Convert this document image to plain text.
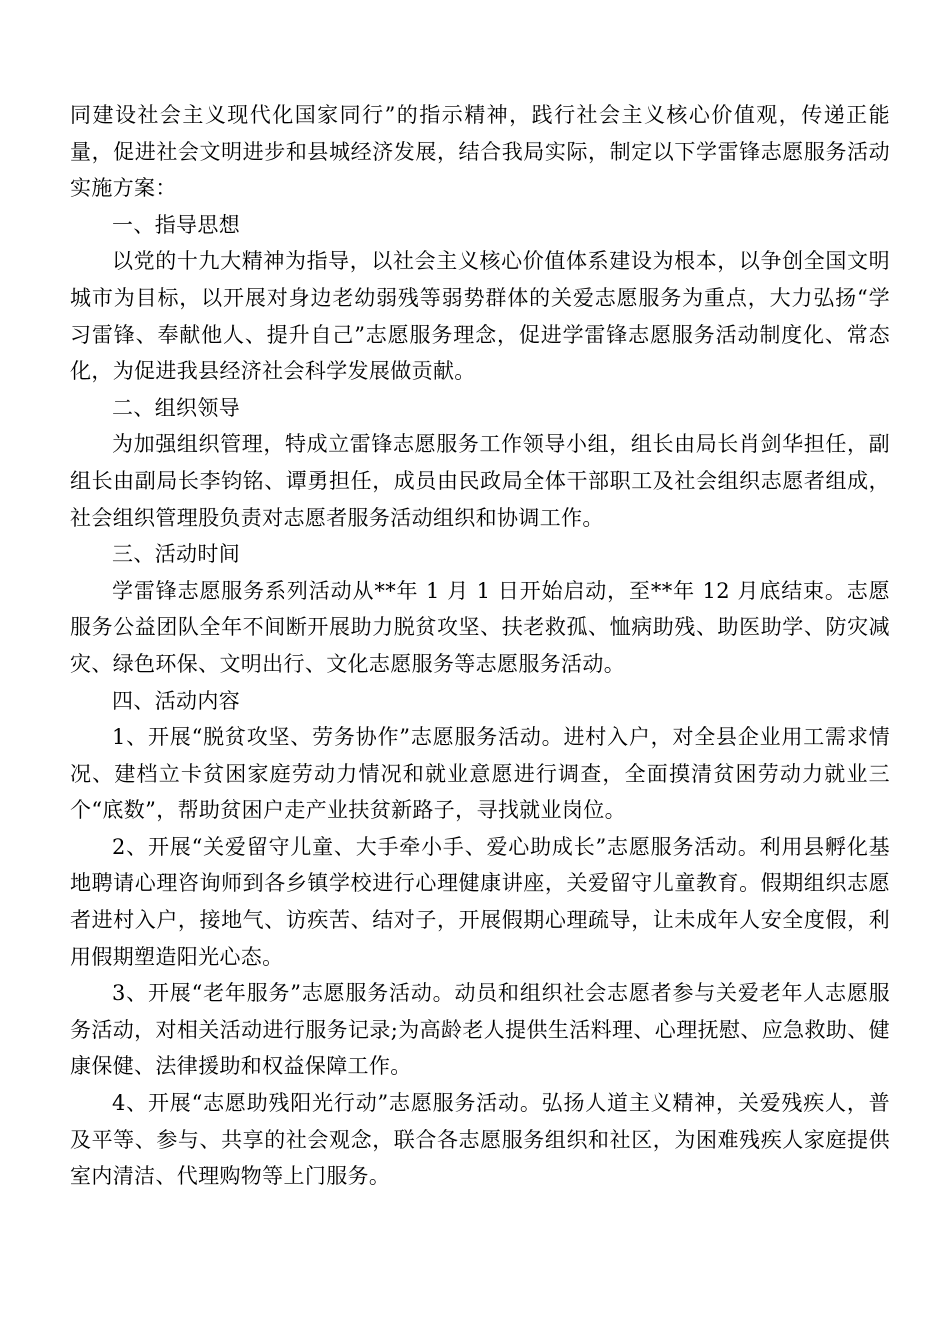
同建设社会主义现代化国家同行”的指示精神，践行社会主义核心价值观，传递正能量，促进社会文明进步和县城经济发展，结合我局实际，制定以下学雷锋志愿服务活动实施方案：

一、指导思想

以党的十九大精神为指导，以社会主义核心价值体系建设为根本，以争创全国文明城市为目标，以开展对身边老幼弱残等弱势群体的关爱志愿服务为重点，大力弘扬“学习雷锋、奉献他人、提升自己”志愿服务理念，促进学雷锋志愿服务活动制度化、常态化，为促进我县经济社会科学发展做贡献。

二、组织领导

为加强组织管理，特成立雷锋志愿服务工作领导小组，组长由局长肖剑华担任，副组长由副局长李钧铭、谭勇担任，成员由民政局全体干部职工及社会组织志愿者组成，社会组织管理股负责对志愿者服务活动组织和协调工作。

三、活动时间

学雷锋志愿服务系列活动从**年 1 月 1 日开始启动，至**年 12 月底结束。志愿服务公益团队全年不间断开展助力脱贫攻坚、扶老救孤、恤病助残、助医助学、防灾减灾、绿色环保、文明出行、文化志愿服务等志愿服务活动。

四、活动内容

1、开展“脱贫攻坚、劳务协作”志愿服务活动。进村入户，对全县企业用工需求情况、建档立卡贫困家庭劳动力情况和就业意愿进行调查，全面摸清贫困劳动力就业三个“底数”，帮助贫困户走产业扶贫新路子，寻找就业岗位。

2、开展“关爱留守儿童、大手牵小手、爱心助成长”志愿服务活动。利用县孵化基地聘请心理咨询师到各乡镇学校进行心理健康讲座，关爱留守儿童教育。假期组织志愿者进村入户，接地气、访疾苦、结对子，开展假期心理疏导，让未成年人安全度假，利用假期塑造阳光心态。

3、开展“老年服务”志愿服务活动。动员和组织社会志愿者参与关爱老年人志愿服务活动，对相关活动进行服务记录;为高龄老人提供生活料理、心理抚慰、应急救助、健康保健、法律援助和权益保障工作。

4、开展“志愿助残阳光行动”志愿服务活动。弘扬人道主义精神，关爱残疾人，普及平等、参与、共享的社会观念，联合各志愿服务组织和社区，为困难残疾人家庭提供室内清洁、代理购物等上门服务。
